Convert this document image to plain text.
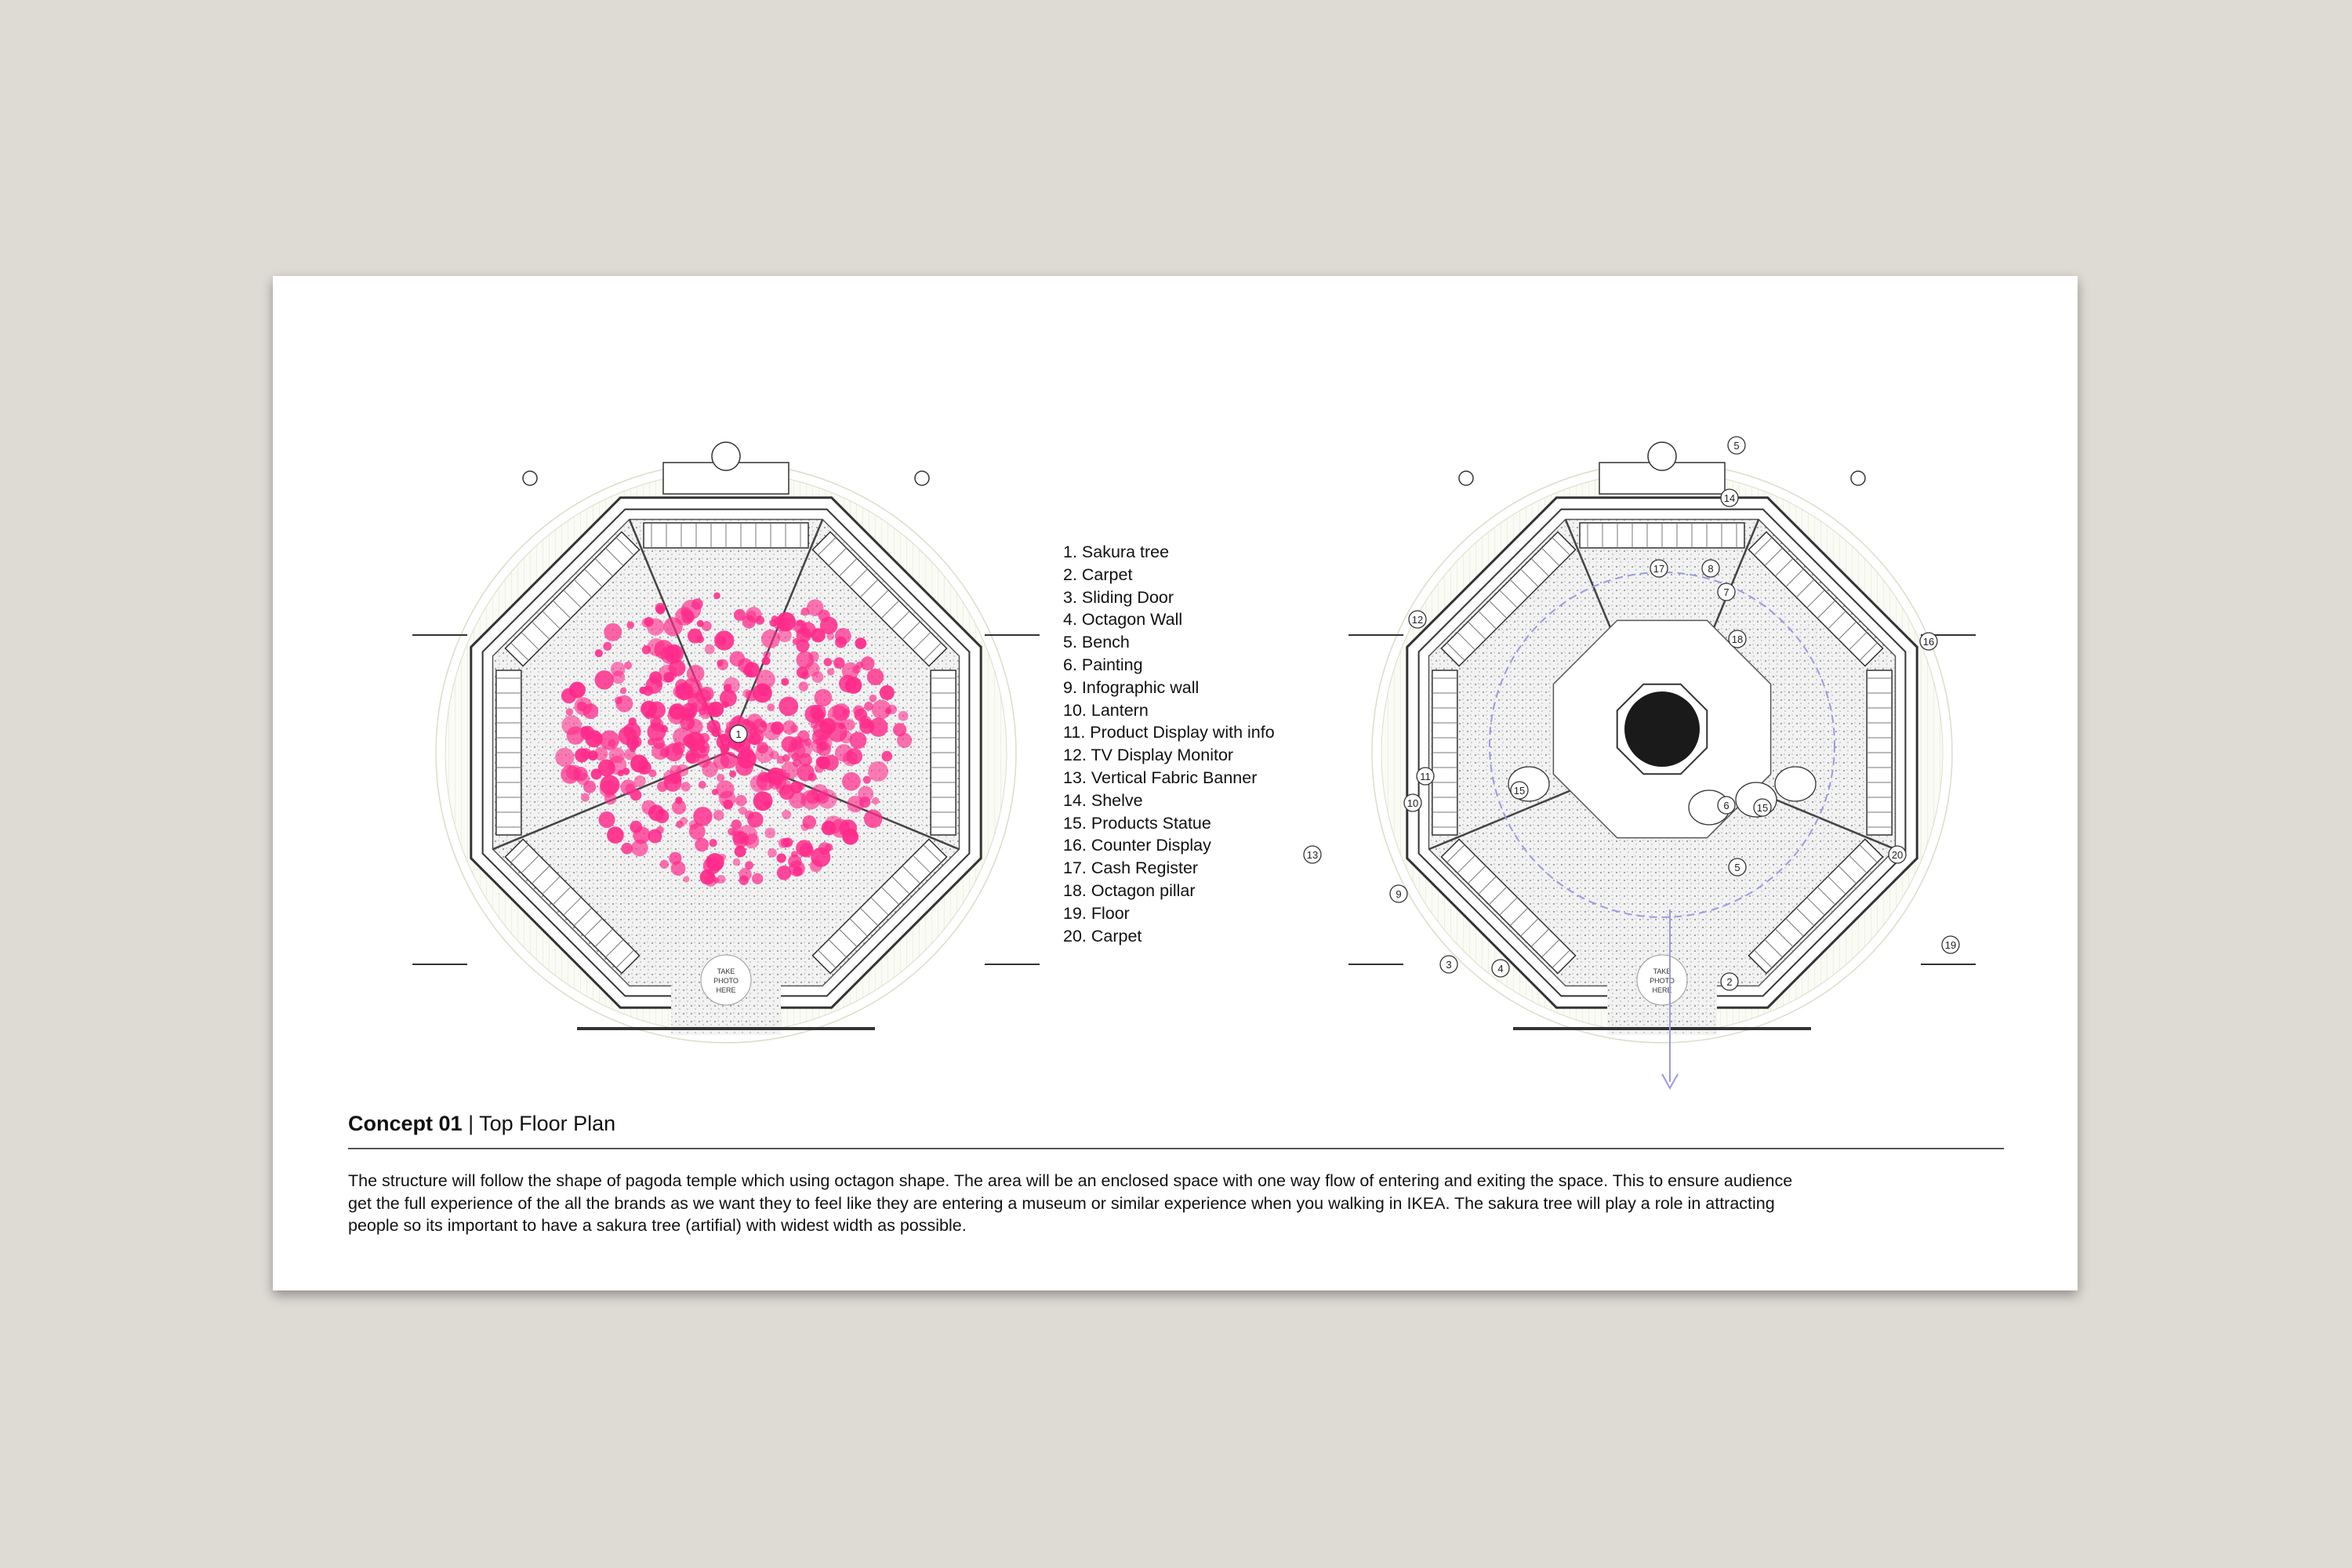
TAKE
PHOTO
HERE
1
TAKE
PHOTO
HERE
5
14
17	8
7
18	16
12
11
10
15
15
6
5
13
9
20
19
3	4
2
1. Sakura tree
2. Carpet
3. Sliding Door
4. Octagon Wall
5. Bench
6. Painting
9. Infographic wall
10. Lantern
11. Product Display with info
12. TV Display Monitor
13. Vertical Fabric Banner
14. Shelve
15. Products Statue
16. Counter Display
17. Cash Register
18. Octagon pillar
19. Floor
20. Carpet
Concept 01 | Top Floor Plan

The structure will follow the shape of pagoda temple which using octagon shape. The area will be an enclosed space with one way flow of entering and exiting the space. This to ensure audience
get the full experience of the all the brands as we want they to feel like they are entering a museum or similar experience when you walking in IKEA. The sakura tree will play a role in attracting
people so its important to have a sakura tree (artifial) with widest width as possible.
